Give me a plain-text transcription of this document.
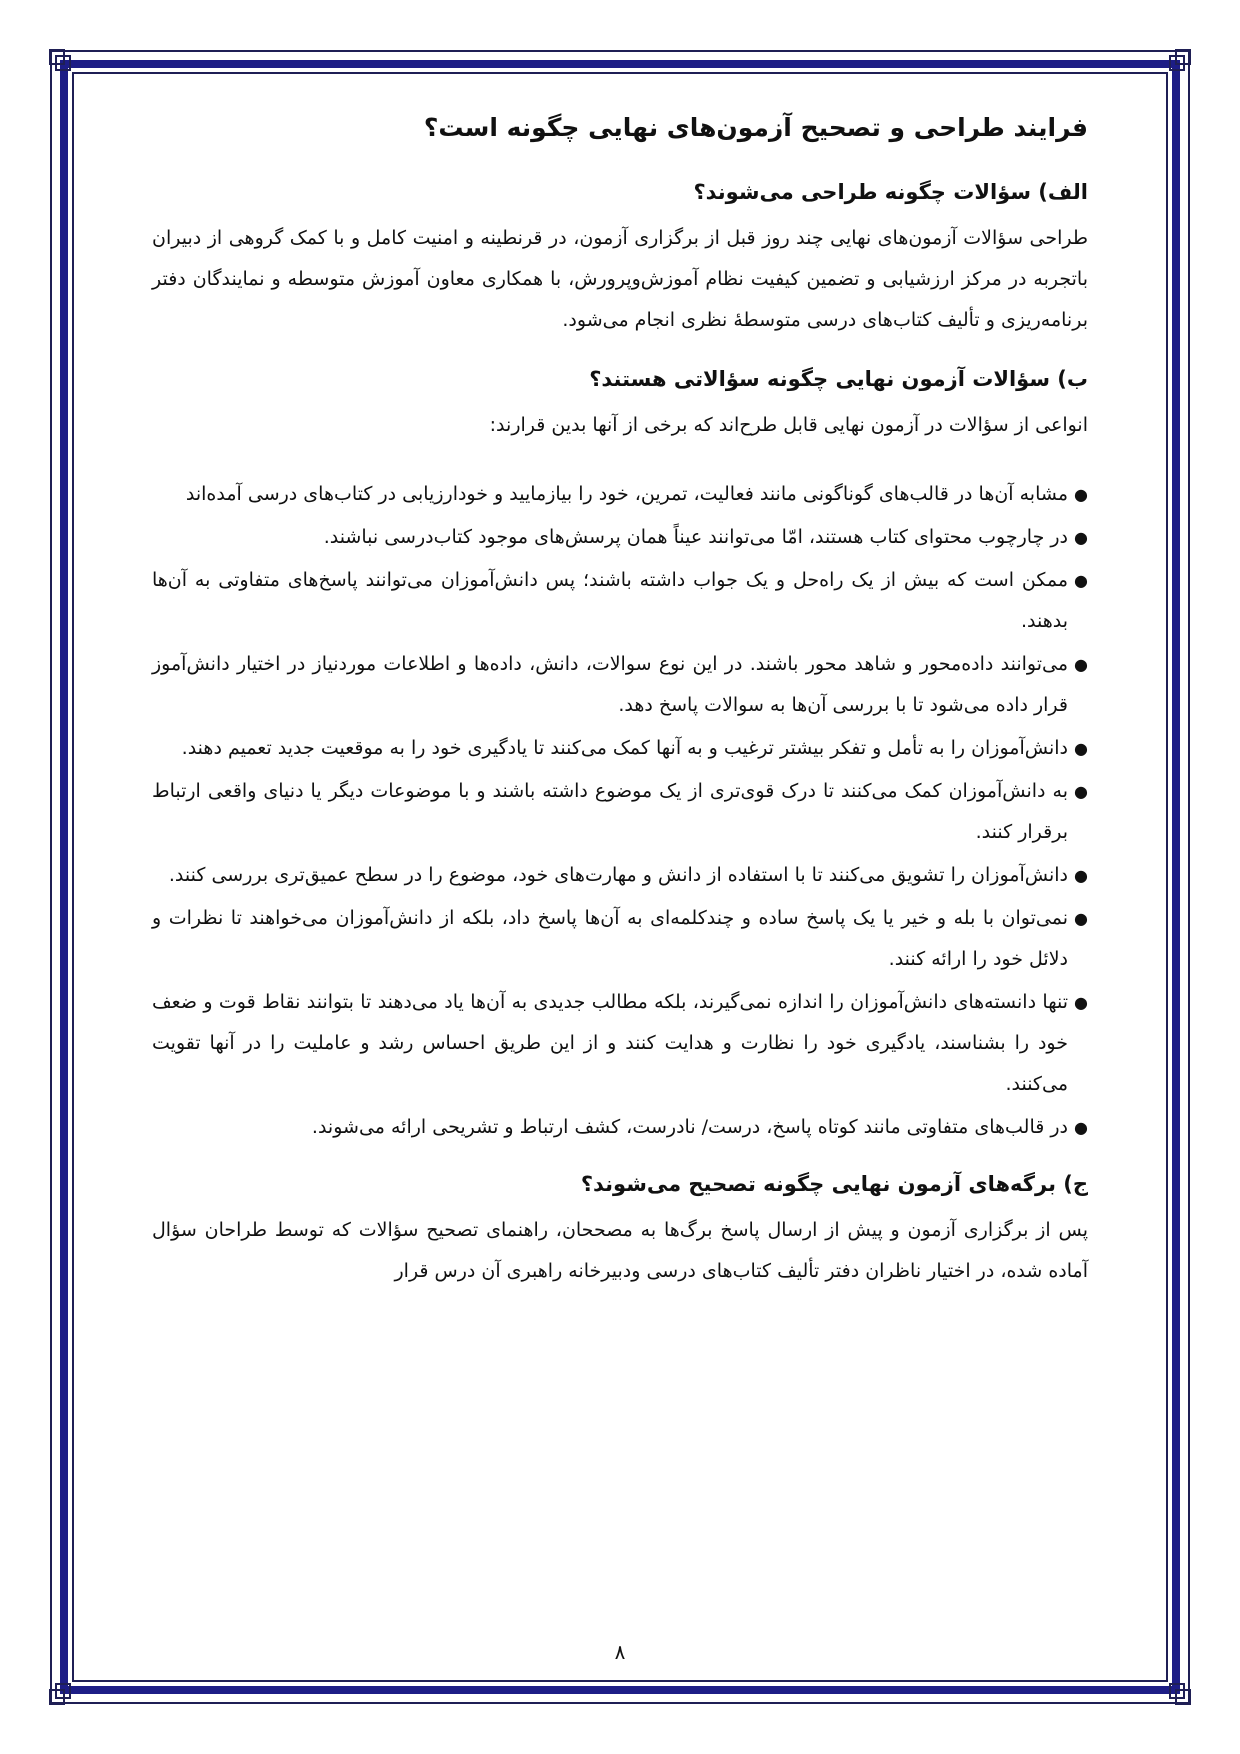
فرایند طراحی و تصحیح آزمون‌های نهایی چگونه است؟
الف) سؤالات چگونه طراحی می‌شوند؟

طراحی سؤالات آزمون‌های نهایی چند روز قبل از برگزاری آزمون، در قرنطینه و امنیت کامل و با کمک گروهی از دبیران باتجربه در مرکز ارزشیابی و تضمین کیفیت نظام آموزش‌وپرورش، با همکاری معاون آموزش متوسطه و نمایندگان دفتر برنامه‌ریزی و تألیف کتاب‌های درسی متوسطهٔ نظری انجام می‌شود.

ب) سؤالات آزمون نهایی چگونه سؤالاتی هستند؟

انواعی از سؤالات در آزمون نهایی قابل طرح‌اند که برخی از آنها بدین قرارند:

●
مشابه آن‌ها در قالب‌های گوناگونی مانند فعالیت، تمرین، خود را بیازمایید و خودارزیابی در کتاب‌های درسی آمده‌اند
●
در چارچوب محتوای کتاب هستند، امّا می‌توانند عیناً همان پرسش‌های موجود کتاب‌درسی نباشند.
●
ممکن است که بیش از یک راه‌حل و یک جواب داشته باشند؛ پس دانش‌آموزان می‌توانند پاسخ‌های متفاوتی به آن‌ها بدهند.
●
می‌توانند داده‌محور و شاهد محور باشند. در این نوع سوالات، دانش، داده‌ها و اطلاعات موردنیاز در اختیار دانش‌آموز قرار داده می‌شود تا با بررسی آن‌ها به سوالات پاسخ دهد.
●
دانش‌آموزان را به تأمل و تفکر بیشتر ترغیب و به آنها کمک می‌کنند تا یادگیری خود را به موقعیت جدید تعمیم دهند.
●
به دانش‌آموزان کمک می‌کنند تا درک قوی‌تری از یک موضوع داشته باشند و با موضوعات دیگر یا دنیای واقعی ارتباط برقرار کنند.
●
دانش‌آموزان را تشویق می‌کنند تا با استفاده از دانش و مهارت‌های خود، موضوع را در سطح عمیق‌تری بررسی کنند.
●
نمی‌توان با بله و خیر یا یک پاسخ ساده و چندکلمه‌ای به آن‌ها پاسخ داد، بلکه از دانش‌آموزان می‌خواهند تا نظرات و دلائل خود را ارائه کنند.
●
تنها دانسته‌های دانش‌آموزان را اندازه نمی‌گیرند، بلکه مطالب جدیدی به آن‌ها یاد می‌دهند تا بتوانند نقاط قوت و ضعف خود را بشناسند، یادگیری خود را نظارت و هدایت کنند و از این طریق احساس رشد و عاملیت را در آنها تقویت می‌کنند.
●
در قالب‌های متفاوتی مانند کوتاه پاسخ، درست/ نادرست، کشف ارتباط و تشریحی ارائه می‌شوند.
ج) برگه‌های آزمون نهایی چگونه تصحیح می‌شوند؟

پس از برگزاری آزمون و پیش از ارسال پاسخ برگ‌ها به مصححان، راهنمای تصحیح سؤالات که توسط طراحان سؤال آماده شده، در اختیار ناظران دفتر تألیف کتاب‌های درسی ودبیرخانه راهبری آن درس قرار

۸
